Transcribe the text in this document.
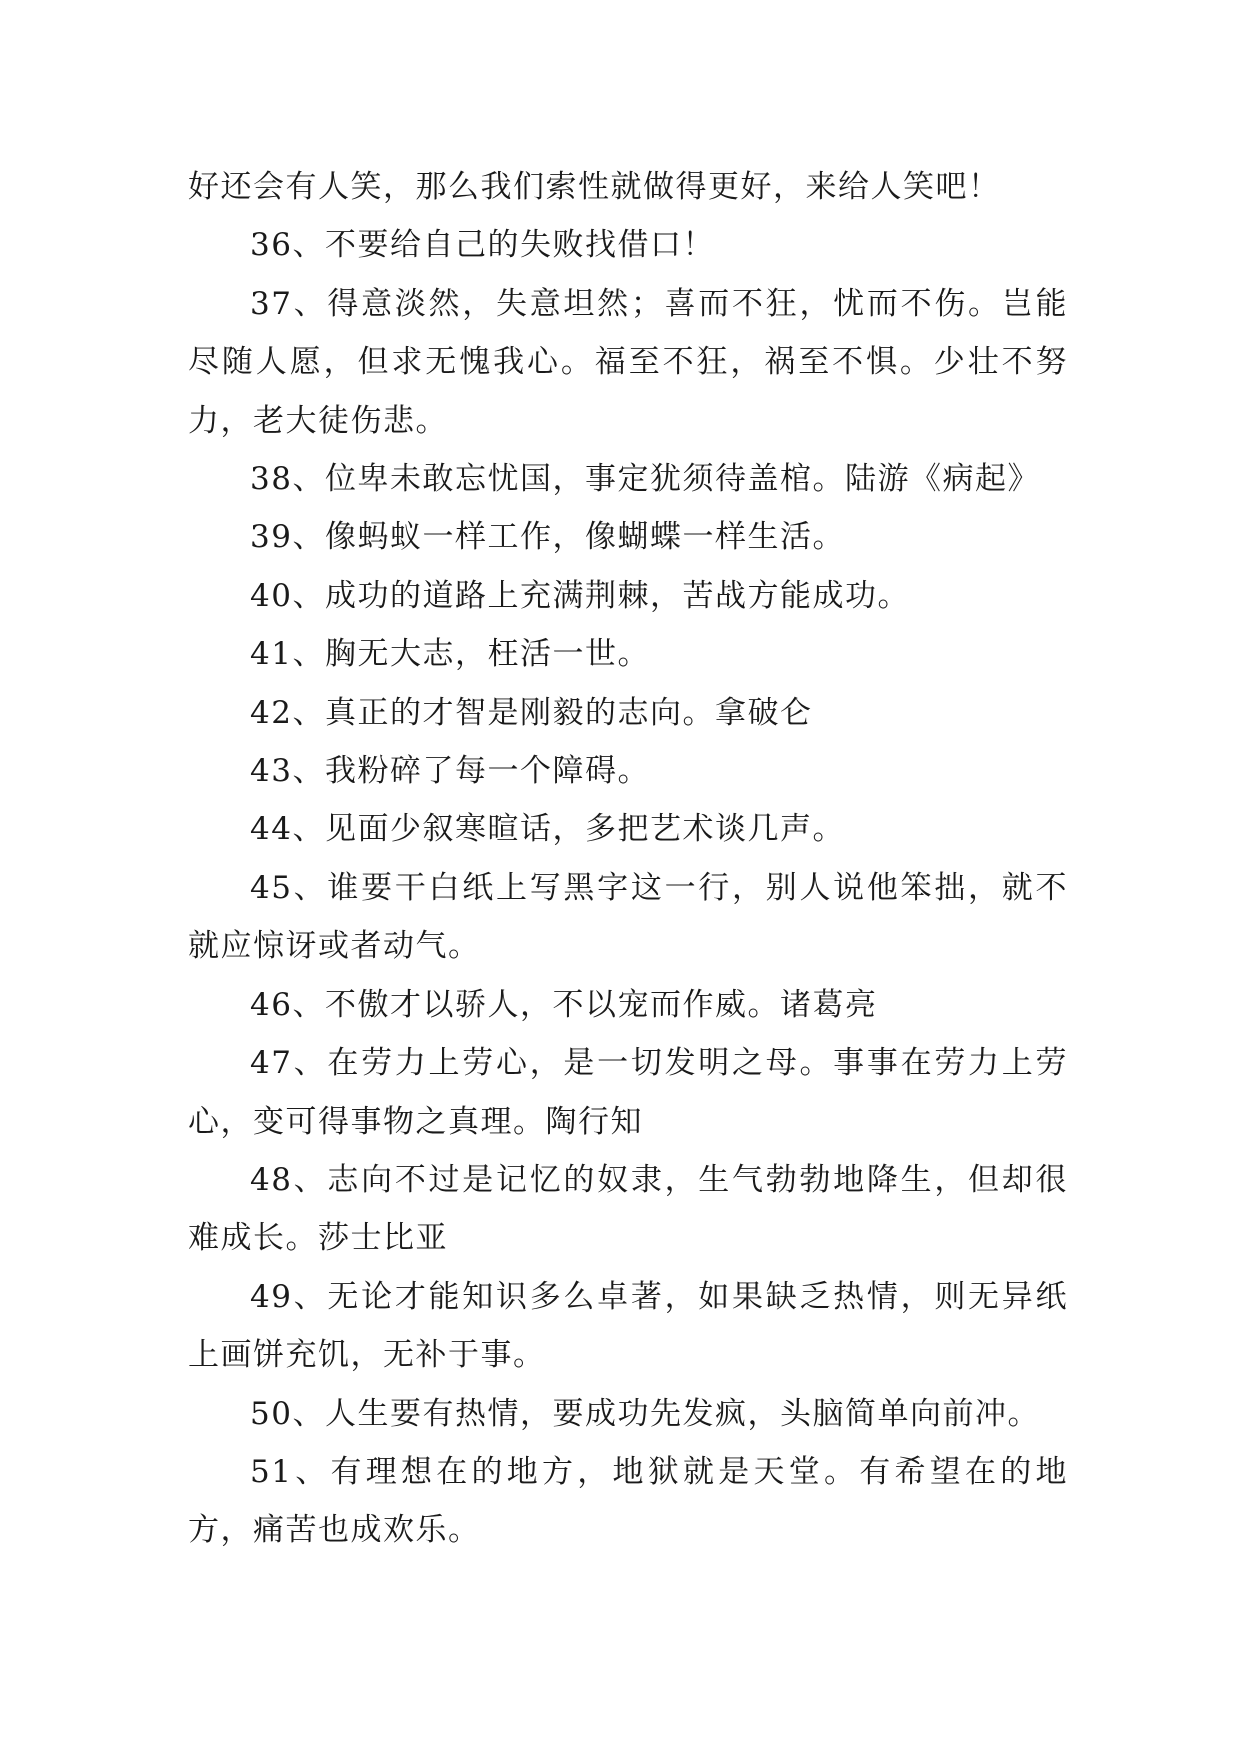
好还会有人笑，那么我们索性就做得更好，来给人笑吧！

36、不要给自己的失败找借口！

37、得意淡然，失意坦然；喜而不狂，忧而不伤。岂能尽随人愿，但求无愧我心。福至不狂，祸至不惧。少壮不努力，老大徒伤悲。

38、位卑未敢忘忧国，事定犹须待盖棺。陆游《病起》

39、像蚂蚁一样工作，像蝴蝶一样生活。

40、成功的道路上充满荆棘，苦战方能成功。

41、胸无大志，枉活一世。

42、真正的才智是刚毅的志向。拿破仑

43、我粉碎了每一个障碍。

44、见面少叙寒暄话，多把艺术谈几声。

45、谁要干白纸上写黑字这一行，别人说他笨拙，就不就应惊讶或者动气。

46、不傲才以骄人，不以宠而作威。诸葛亮

47、在劳力上劳心，是一切发明之母。事事在劳力上劳心，变可得事物之真理。陶行知

48、志向不过是记忆的奴隶，生气勃勃地降生，但却很难成长。莎士比亚

49、无论才能知识多么卓著，如果缺乏热情，则无异纸上画饼充饥，无补于事。

50、人生要有热情，要成功先发疯，头脑简单向前冲。

51、有理想在的地方，地狱就是天堂。有希望在的地方，痛苦也成欢乐。
